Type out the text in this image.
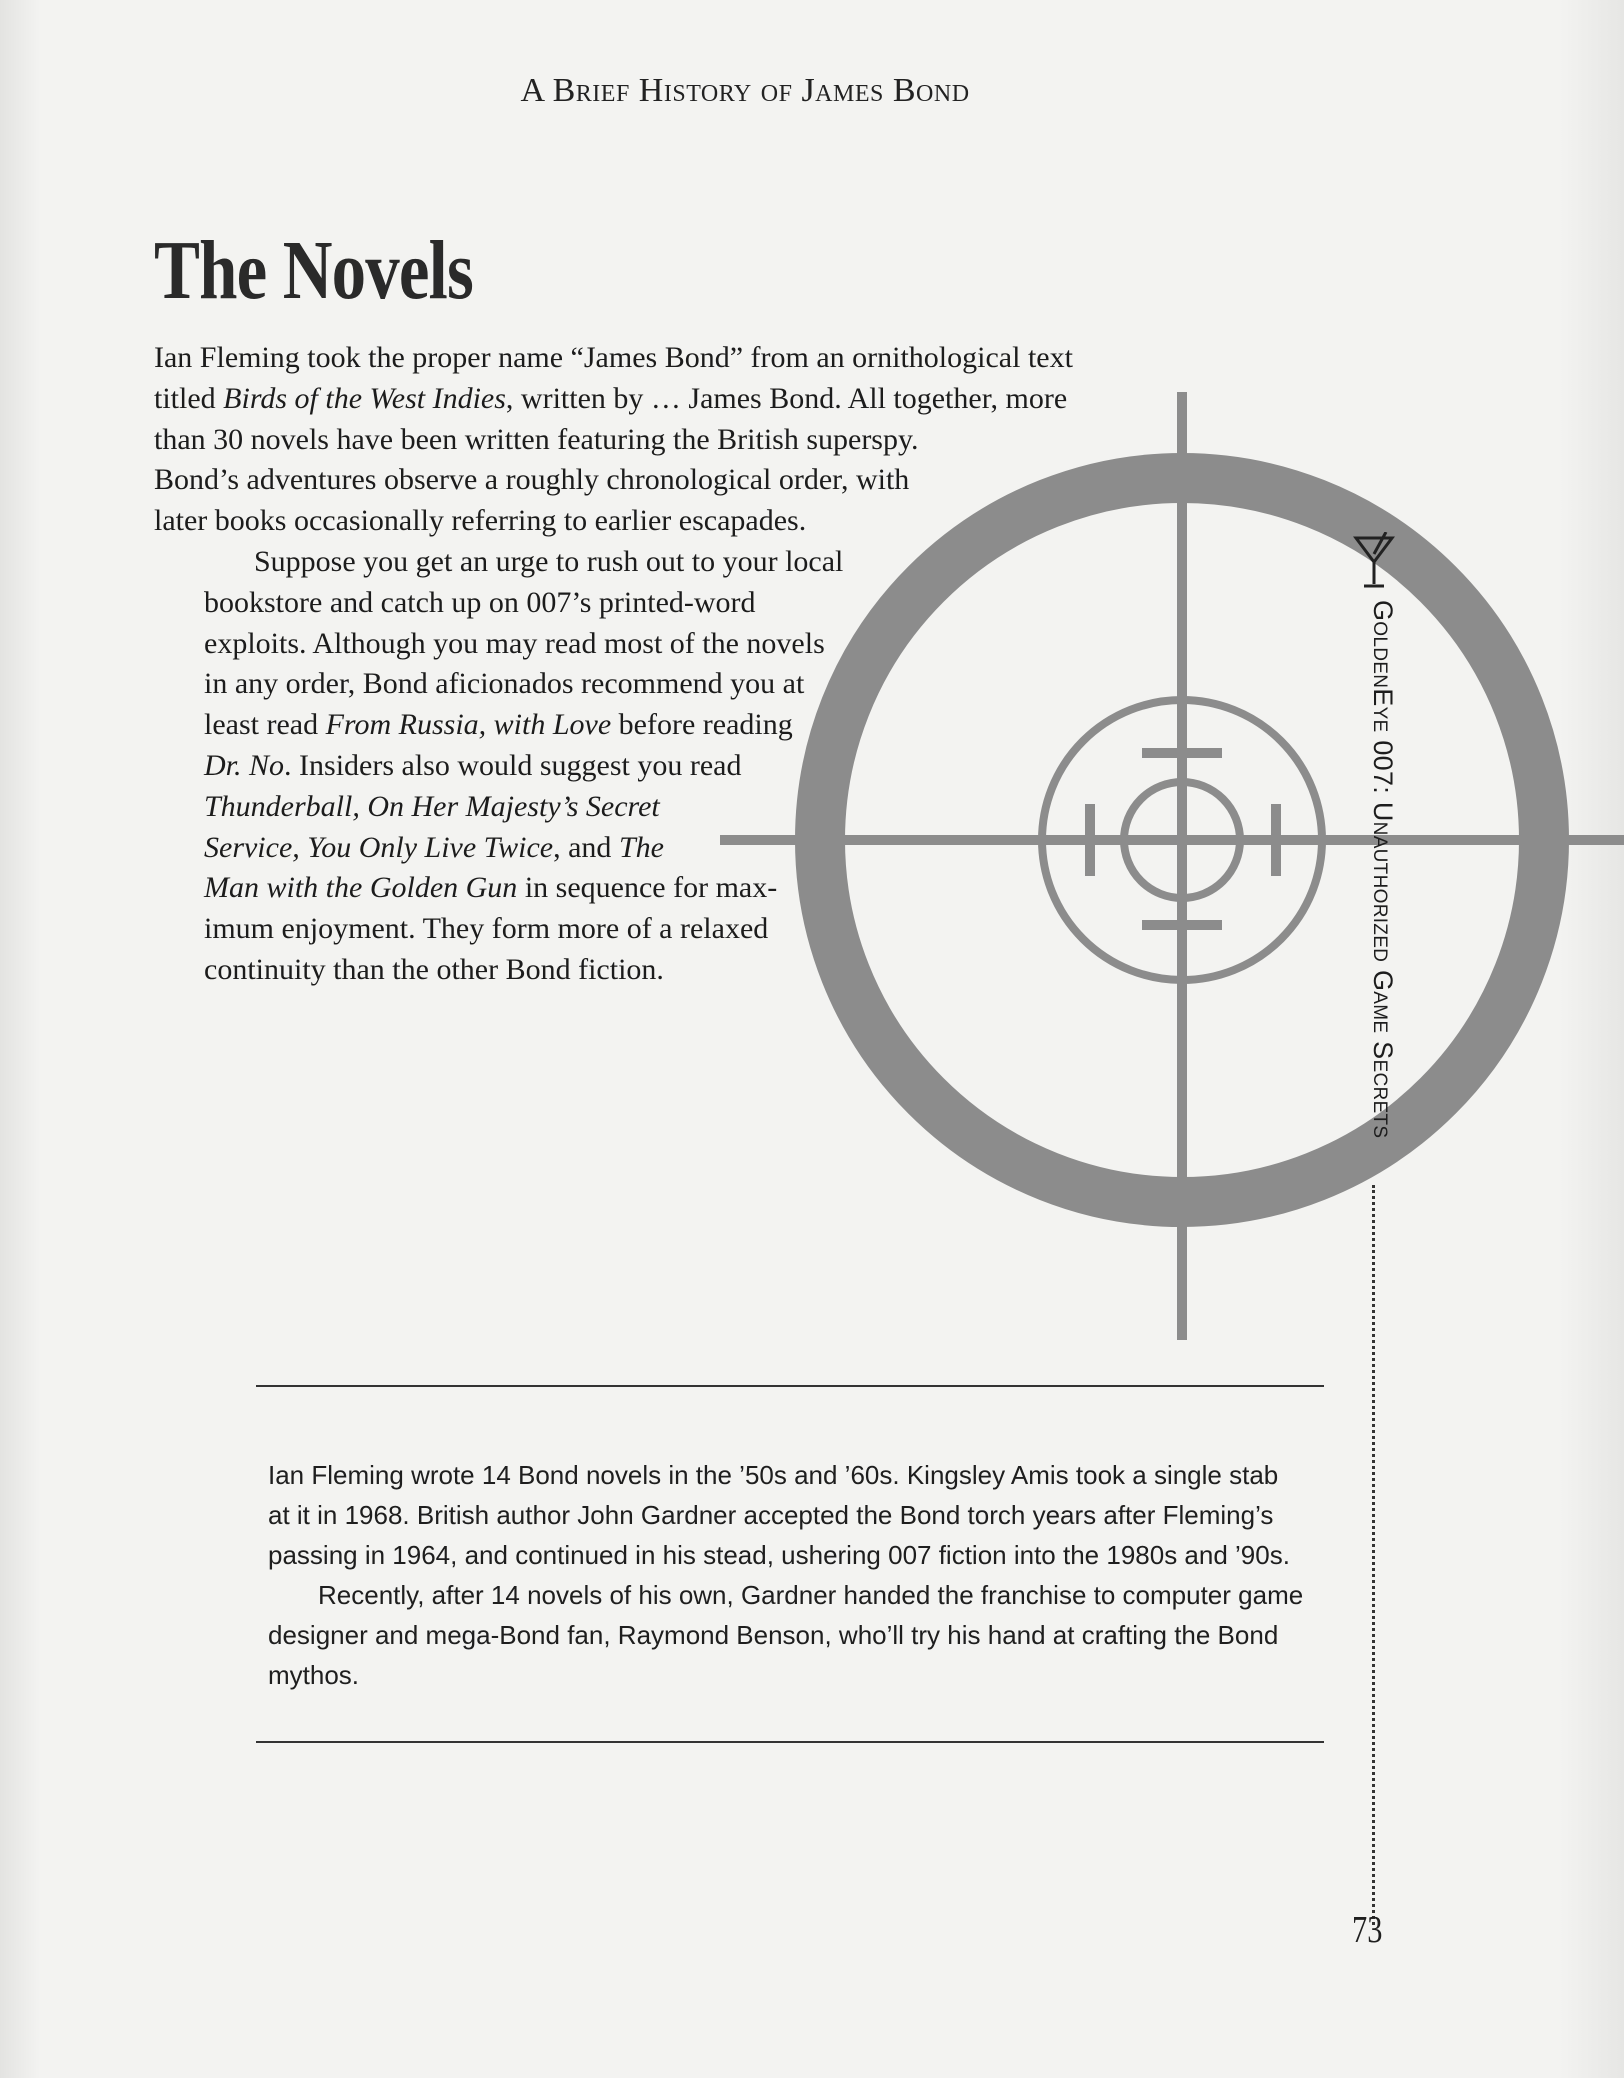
A Brief History of James Bond
The Novels

Ian Fleming took the proper name “James Bond” from an ornithological text
titled Birds of the West Indies, written by … James Bond. All together, more
than 30 novels have been written featuring the British superspy.
Bond’s adventures observe a roughly chronological order, with
later books occasionally referring to earlier escapades.

Suppose you get an urge to rush out to your local
bookstore and catch up on 007’s printed-word
exploits. Although you may read most of the novels
in any order, Bond aficionados recommend you at
least read From Russia, with Love before reading
Dr. No. Insiders also would suggest you read
Thunderball, On Her Majesty’s Secret
Service, You Only Live Twice, and The
Man with the Golden Gun in sequence for max-
imum enjoyment. They form more of a relaxed
continuity than the other Bond fiction.

Ian Fleming wrote 14 Bond novels in the ’50s and ’60s. Kingsley Amis took a single stab
at it in 1968. British author John Gardner accepted the Bond torch years after Fleming’s
passing in 1964, and continued in his stead, ushering 007 fiction into the 1980s and ’90s.

Recently, after 14 novels of his own, Gardner handed the franchise to computer game
designer and mega-Bond fan, Raymond Benson, who’ll try his hand at crafting the Bond
mythos.

GoldenEye 007: Unauthorized Game Secrets
73
